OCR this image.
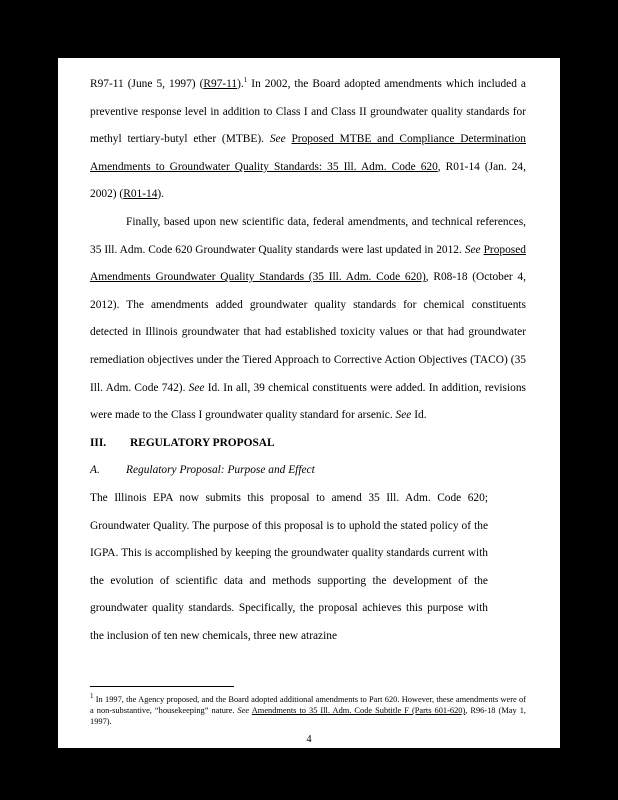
R97-11 (June 5, 1997) (R97-11).$^1$ In 2002, the Board adopted amendments which included a preventive response level in addition to Class I and Class II groundwater quality standards for methyl tertiary-butyl ether (MTBE). See Proposed MTBE and Compliance Determination Amendments to Groundwater Quality Standards: 35 Ill. Adm. Code 620, R01-14 (Jan. 24, 2002) (R01-14).

Finally, based upon new scientific data, federal amendments, and technical references, 35 Ill. Adm. Code 620 Groundwater Quality standards were last updated in 2012. See Proposed Amendments Groundwater Quality Standards (35 Ill. Adm. Code 620), R08-18 (October 4, 2012). The amendments added groundwater quality standards for chemical constituents detected in Illinois groundwater that had established toxicity values or that had groundwater remediation objectives under the Tiered Approach to Corrective Action Objectives (TACO) (35 Ill. Adm. Code 742). See Id. In all, 39 chemical constituents were added. In addition, revisions were made to the Class I groundwater quality standard for arsenic. See Id.

III. REGULATORY PROPOSAL

A. Regulatory Proposal: Purpose and Effect

The Illinois EPA now submits this proposal to amend 35 Ill. Adm. Code 620; Groundwater Quality. The purpose of this proposal is to uphold the stated policy of the IGPA. This is accomplished by keeping the groundwater quality standards current with the evolution of scientific data and methods supporting the development of the groundwater quality standards. Specifically, the proposal achieves this purpose with the inclusion of ten new chemicals, three new atrazine

$^1$ In 1997, the Agency proposed, and the Board adopted additional amendments to Part 620. However, these amendments were of a non-substantive, “housekeeping” nature. See Amendments to 35 Ill. Adm. Code Subtitle F (Parts 601-620), R96-18 (May 1, 1997).
4
